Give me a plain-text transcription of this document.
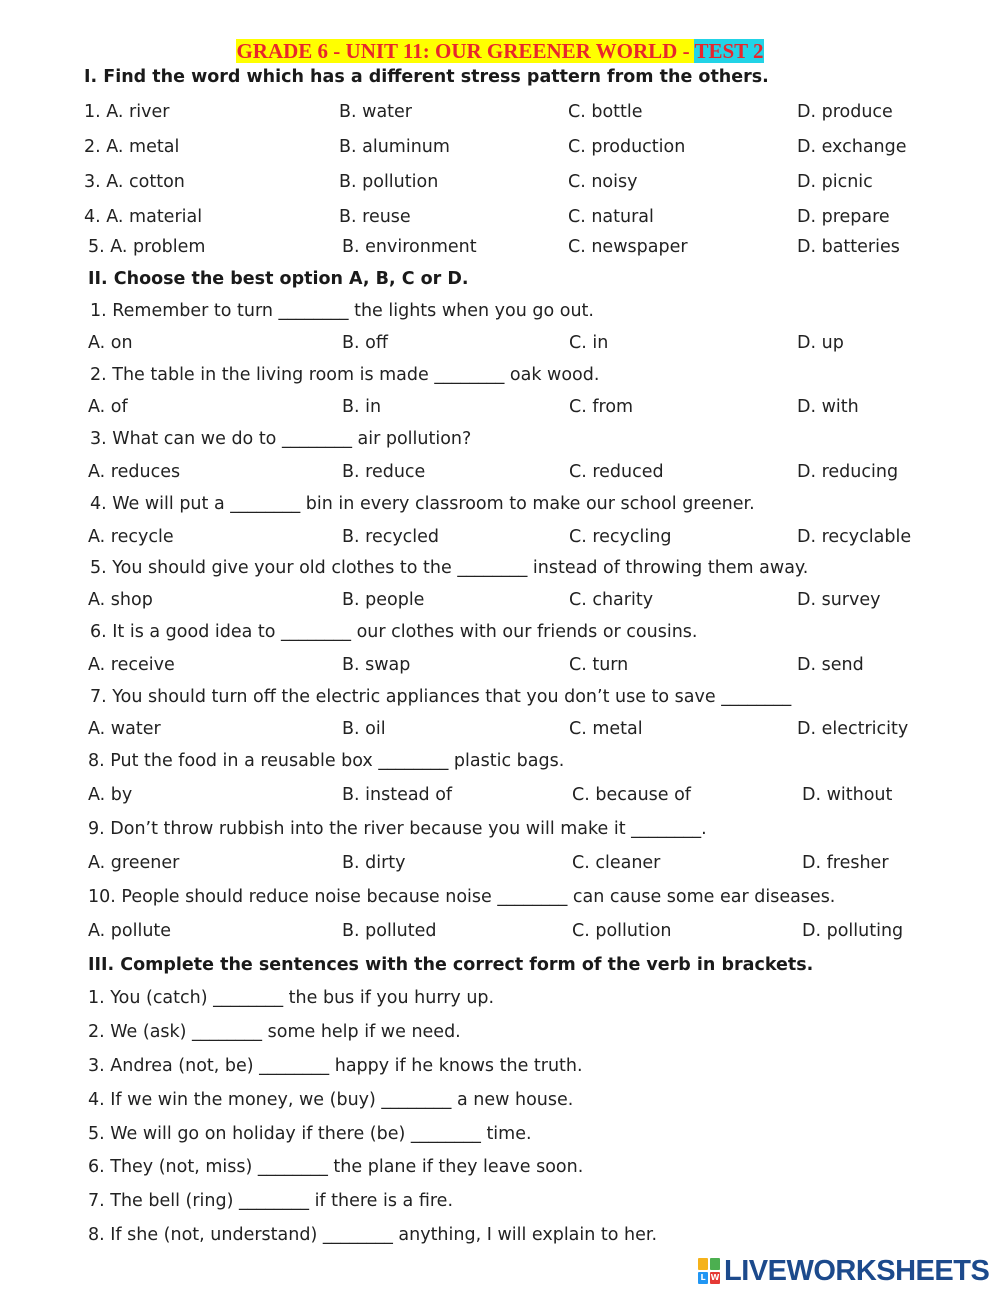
GRADE 6 - UNIT 11: OUR GREENER WORLD - TEST 2
I. Find the word which has a different stress pattern from the others.
1. A. river	B. water	C. bottle	D. produce
2. A. metal	B. aluminum	C. production	D. exchange
3. A. cotton	B. pollution	C. noisy	D. picnic
4. A. material	B. reuse	C. natural	D. prepare
5. A. problem	B. environment	C. newspaper	D. batteries
II. Choose the best option A, B, C or D.
1. Remember to turn ________ the lights when you go out.
A. on	B. off	C. in	D. up
2. The table in the living room is made ________ oak wood.
A. of	B. in	C. from	D. with
3. What can we do to ________ air pollution?
A. reduces	B. reduce	C. reduced	D. reducing
4. We will put a ________ bin in every classroom to make our school greener.
A. recycle	B. recycled	C. recycling	D. recyclable
5. You should give your old clothes to the ________ instead of throwing them away.
A. shop	B. people	C. charity	D. survey
6. It is a good idea to ________ our clothes with our friends or cousins.
A. receive	B. swap	C. turn	D. send
7. You should turn off the electric appliances that you don’t use to save ________
A. water	B. oil	C. metal	D. electricity
8. Put the food in a reusable box ________ plastic bags.
A. by	B. instead of	C. because of	D. without
9. Don’t throw rubbish into the river because you will make it ________.
A. greener	B. dirty	C. cleaner	D. fresher
10. People should reduce noise because noise ________ can cause some ear diseases.
A. pollute	B. polluted	C. pollution	D. polluting
III. Complete the sentences with the correct form of the verb in brackets.
1. You (catch) ________ the bus if you hurry up.
2. We (ask) ________ some help if we need.
3. Andrea (not, be) ________ happy if he knows the truth.
4. If we win the money, we (buy) ________ a new house.
5. We will go on holiday if there (be) ________ time.
6. They (not, miss) ________ the plane if they leave soon.
7. The bell (ring) ________ if there is a fire.
8. If she (not, understand) ________ anything, I will explain to her.
L W LIVEWORKSHEETS
